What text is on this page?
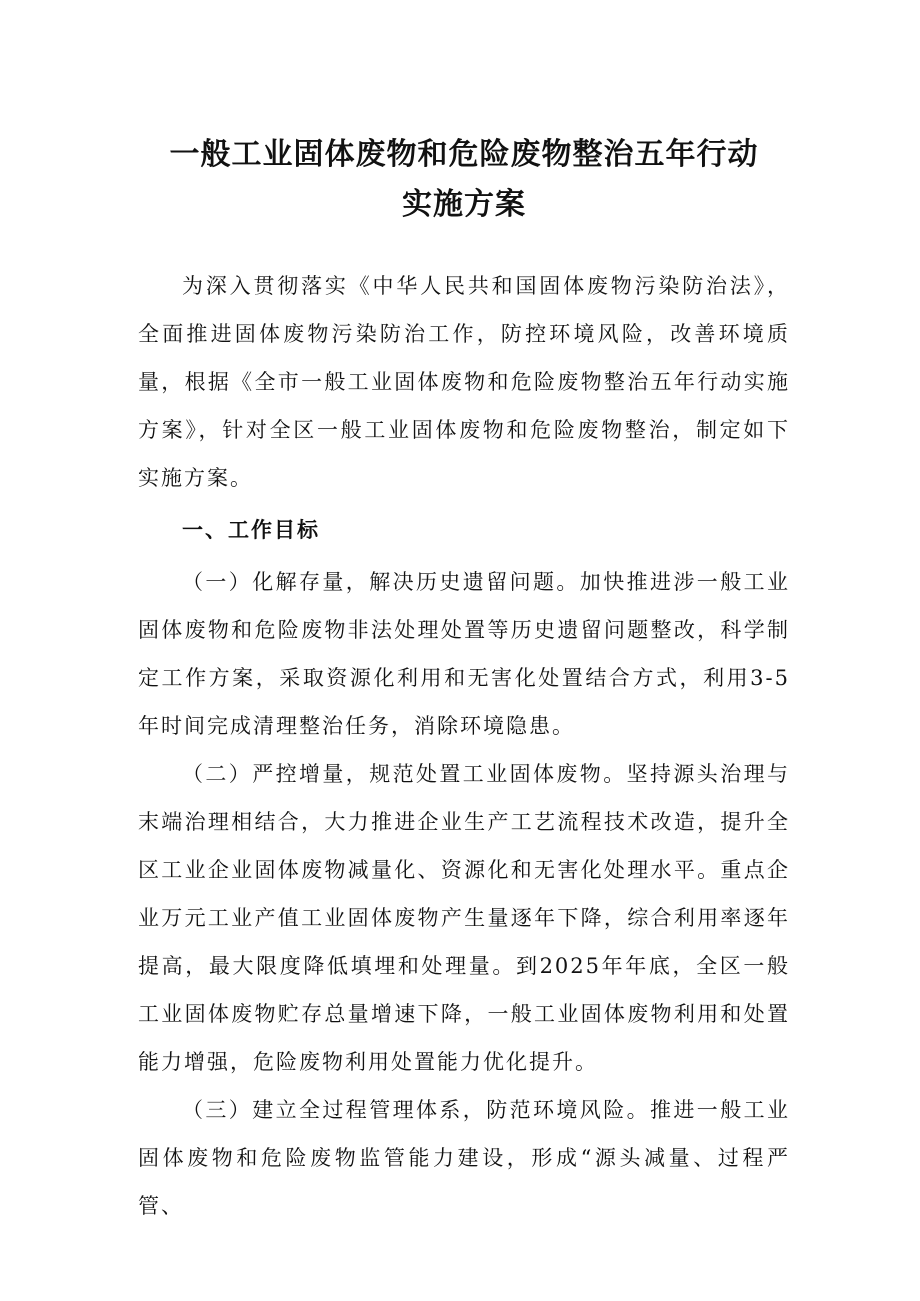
一般工业固体废物和危险废物整治五年行动
实施方案

为深入贯彻落实《中华人民共和国固体废物污染防治法》，全面推进固体废物污染防治工作，防控环境风险，改善环境质量，根据《全市一般工业固体废物和危险废物整治五年行动实施方案》，针对全区一般工业固体废物和危险废物整治，制定如下实施方案。

一、工作目标

（一）化解存量，解决历史遗留问题。加快推进涉一般工业固体废物和危险废物非法处理处置等历史遗留问题整改，科学制定工作方案，采取资源化利用和无害化处置结合方式，利用3-5年时间完成清理整治任务，消除环境隐患。

（二）严控增量，规范处置工业固体废物。坚持源头治理与末端治理相结合，大力推进企业生产工艺流程技术改造，提升全区工业企业固体废物减量化、资源化和无害化处理水平。重点企业万元工业产值工业固体废物产生量逐年下降，综合利用率逐年提高，最大限度降低填埋和处理量。到2025年年底，全区一般工业固体废物贮存总量增速下降，一般工业固体废物利用和处置能力增强，危险废物利用处置能力优化提升。

（三）建立全过程管理体系，防范环境风险。推进一般工业固体废物和危险废物监管能力建设，形成“源头减量、过程严管、
